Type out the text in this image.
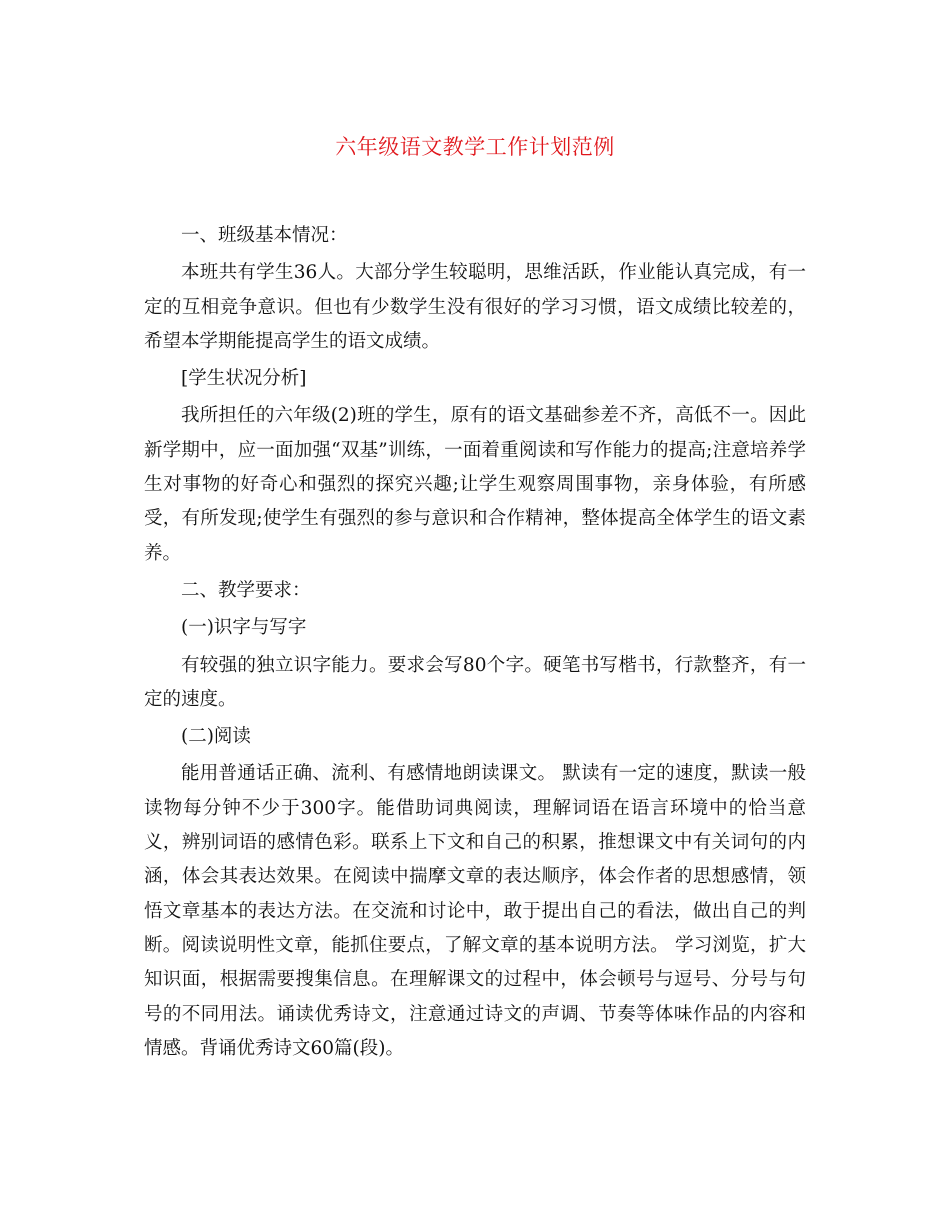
六年级语文教学工作计划范例

一、班级基本情况：

本班共有学生36人。大部分学生较聪明，思维活跃，作业能认真完成，有一定的互相竞争意识。但也有少数学生没有很好的学习习惯，语文成绩比较差的，希望本学期能提高学生的语文成绩。

[学生状况分析]

我所担任的六年级(2)班的学生，原有的语文基础参差不齐，高低不一。因此新学期中，应一面加强“双基”训练，一面着重阅读和写作能力的提高;注意培养学生对事物的好奇心和强烈的探究兴趣;让学生观察周围事物，亲身体验，有所感受，有所发现;使学生有强烈的参与意识和合作精神，整体提高全体学生的语文素养。

二、教学要求：

(一)识字与写字

有较强的独立识字能力。要求会写80个字。硬笔书写楷书，行款整齐，有一定的速度。

(二)阅读

能用普通话正确、流利、有感情地朗读课文。 默读有一定的速度，默读一般读物每分钟不少于300字。能借助词典阅读，理解词语在语言环境中的恰当意义，辨别词语的感情色彩。联系上下文和自己的积累，推想课文中有关词句的内涵，体会其表达效果。在阅读中揣摩文章的表达顺序，体会作者的思想感情，领悟文章基本的表达方法。在交流和讨论中，敢于提出自己的看法，做出自己的判断。阅读说明性文章，能抓住要点，了解文章的基本说明方法。 学习浏览，扩大知识面，根据需要搜集信息。在理解课文的过程中，体会顿号与逗号、分号与句号的不同用法。诵读优秀诗文，注意通过诗文的声调、节奏等体味作品的内容和情感。背诵优秀诗文60篇(段)。
